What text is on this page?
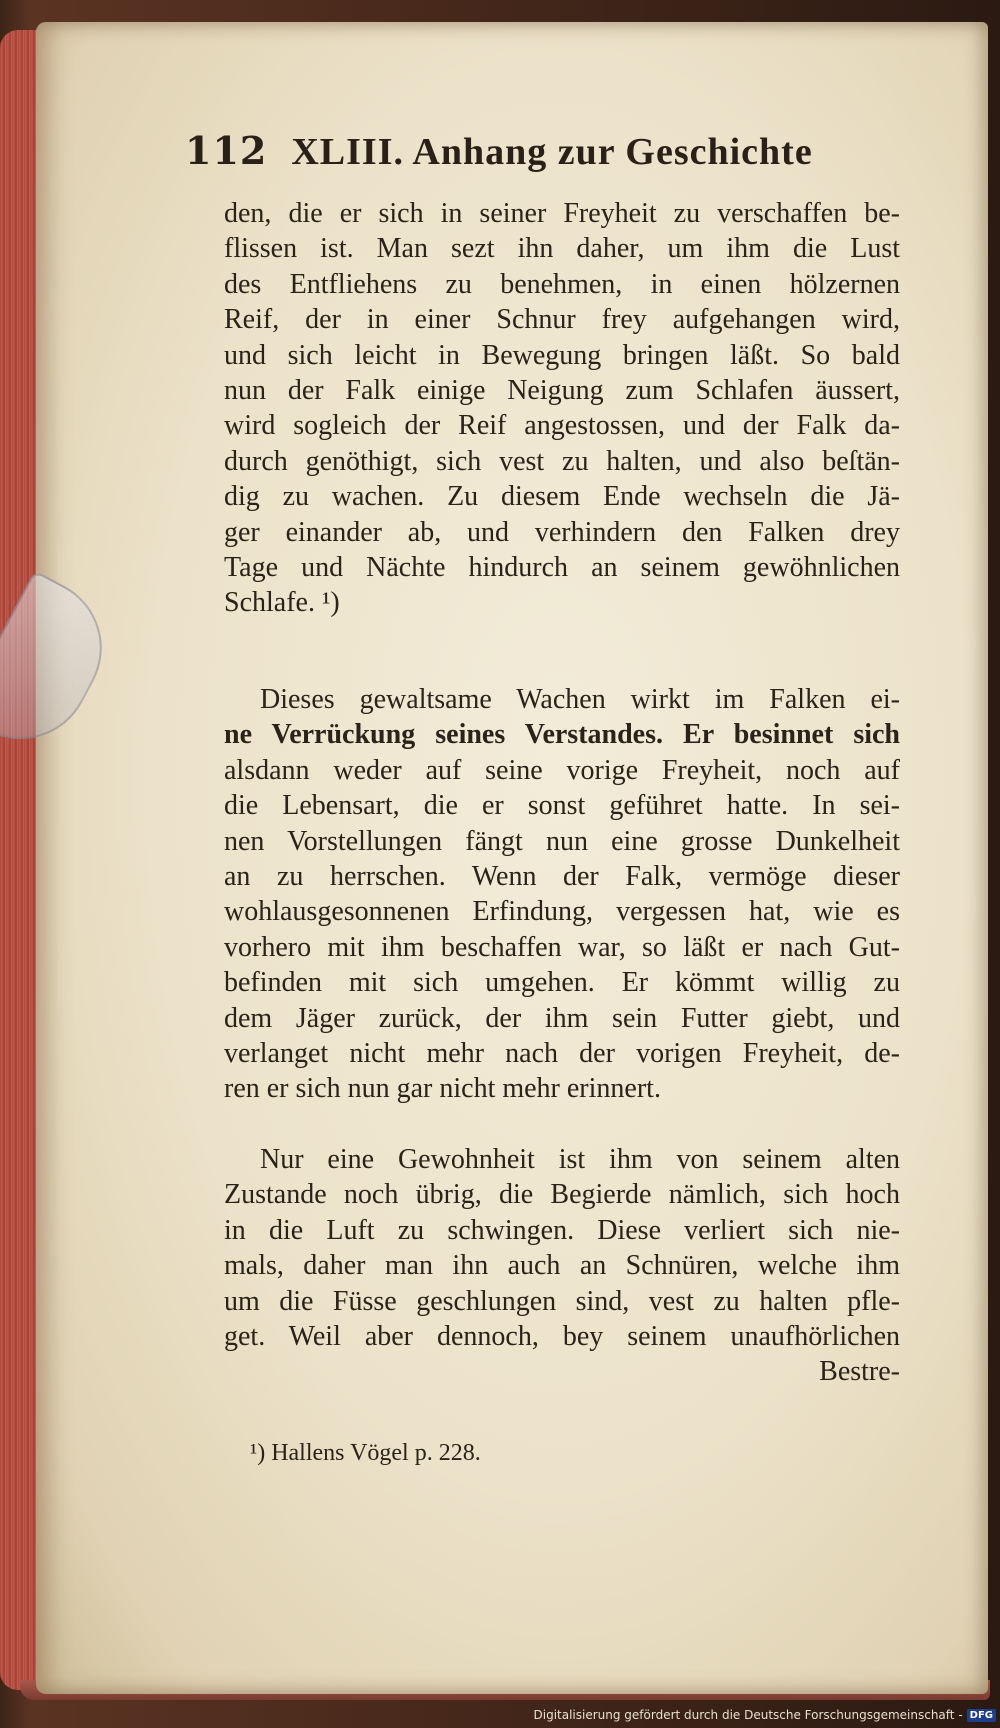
112 XLIII. Anhang zur Geschichte
den, die er sich in seiner Freyheit zu verschaffen be-
flissen ist. Man sezt ihn daher, um ihm die Lust
des Entfliehens zu benehmen, in einen hölzernen
Reif, der in einer Schnur frey aufgehangen wird,
und sich leicht in Bewegung bringen läßt. So bald
nun der Falk einige Neigung zum Schlafen äussert,
wird sogleich der Reif angestossen, und der Falk da-
durch genöthigt, sich vest zu halten, und also beſtän-
dig zu wachen. Zu diesem Ende wechseln die Jä-
ger einander ab, und verhindern den Falken drey
Tage und Nächte hindurch an seinem gewöhnlichen
Schlafe. ¹)
Dieses gewaltsame Wachen wirkt im Falken ei-
ne Verrückung seines Verstandes. Er besinnet sich
alsdann weder auf seine vorige Freyheit, noch auf
die Lebensart, die er sonst geführet hatte. In sei-
nen Vorstellungen fängt nun eine grosse Dunkelheit
an zu herrschen. Wenn der Falk, vermöge dieser
wohlausgesonnenen Erfindung, vergessen hat, wie es
vorhero mit ihm beschaffen war, so läßt er nach Gut-
befinden mit sich umgehen. Er kömmt willig zu
dem Jäger zurück, der ihm sein Futter giebt, und
verlanget nicht mehr nach der vorigen Freyheit, de-
ren er sich nun gar nicht mehr erinnert.
Nur eine Gewohnheit ist ihm von seinem alten
Zustande noch übrig, die Begierde nämlich, sich hoch
in die Luft zu schwingen. Diese verliert sich nie-
mals, daher man ihn auch an Schnüren, welche ihm
um die Füsse geschlungen sind, vest zu halten pfle-
get. Weil aber dennoch, bey seinem unaufhörlichen
Bestre-
¹) Hallens Vögel p. 228.
Digitalisierung gefördert durch die Deutsche Forschungsgemeinschaft - DFG
